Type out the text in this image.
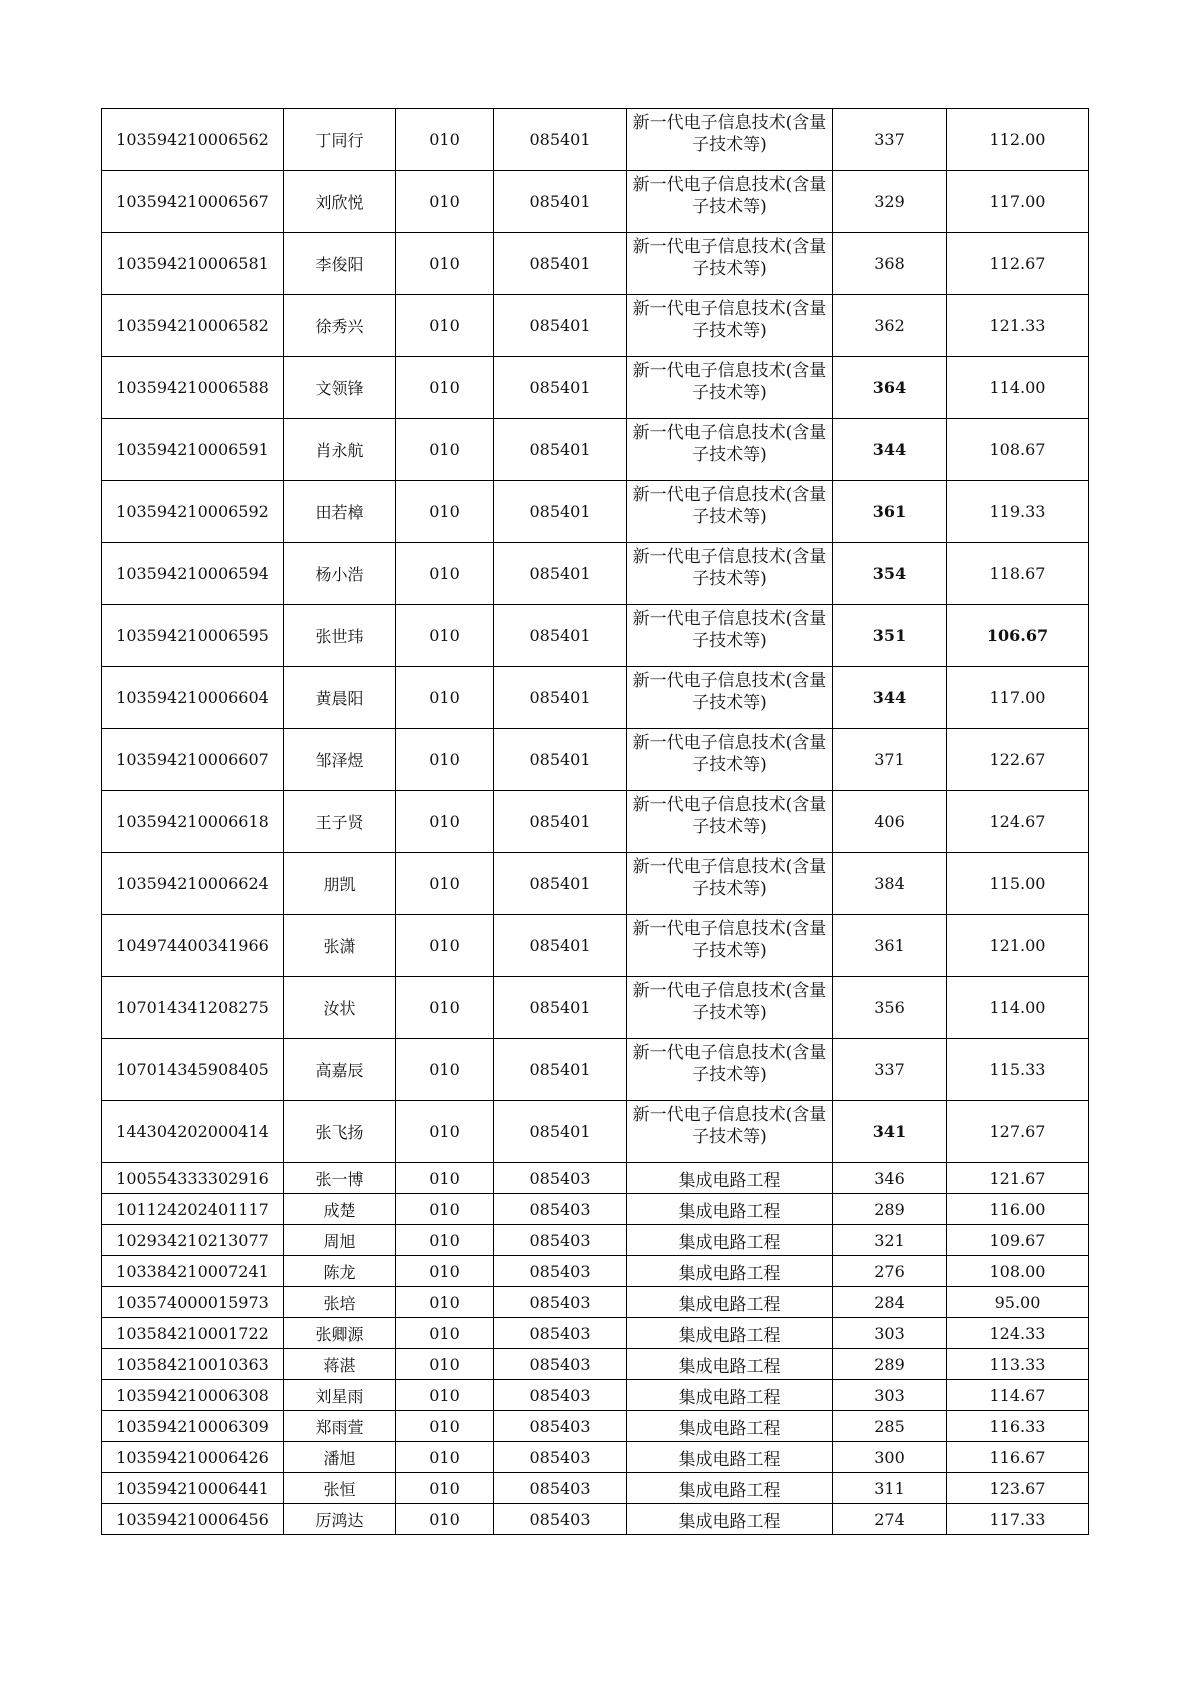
103594210006562	丁同行	010	085401	新一代电子信息技术(含量子技术等)	337	112.00
103594210006567	刘欣悦	010	085401	新一代电子信息技术(含量子技术等)	329	117.00
103594210006581	李俊阳	010	085401	新一代电子信息技术(含量子技术等)	368	112.67
103594210006582	徐秀兴	010	085401	新一代电子信息技术(含量子技术等)	362	121.33
103594210006588	文领锋	010	085401	新一代电子信息技术(含量子技术等)	364	114.00
103594210006591	肖永航	010	085401	新一代电子信息技术(含量子技术等)	344	108.67
103594210006592	田若樟	010	085401	新一代电子信息技术(含量子技术等)	361	119.33
103594210006594	杨小浩	010	085401	新一代电子信息技术(含量子技术等)	354	118.67
103594210006595	张世玮	010	085401	新一代电子信息技术(含量子技术等)	351	106.67
103594210006604	黄晨阳	010	085401	新一代电子信息技术(含量子技术等)	344	117.00
103594210006607	邹泽煜	010	085401	新一代电子信息技术(含量子技术等)	371	122.67
103594210006618	王子贤	010	085401	新一代电子信息技术(含量子技术等)	406	124.67
103594210006624	朋凯	010	085401	新一代电子信息技术(含量子技术等)	384	115.00
104974400341966	张潇	010	085401	新一代电子信息技术(含量子技术等)	361	121.00
107014341208275	汝状	010	085401	新一代电子信息技术(含量子技术等)	356	114.00
107014345908405	高嘉辰	010	085401	新一代电子信息技术(含量子技术等)	337	115.33
144304202000414	张飞扬	010	085401	新一代电子信息技术(含量子技术等)	341	127.67
100554333302916	张一博	010	085403	集成电路工程	346	121.67
101124202401117	成楚	010	085403	集成电路工程	289	116.00
102934210213077	周旭	010	085403	集成电路工程	321	109.67
103384210007241	陈龙	010	085403	集成电路工程	276	108.00
103574000015973	张培	010	085403	集成电路工程	284	95.00
103584210001722	张卿源	010	085403	集成电路工程	303	124.33
103584210010363	蒋湛	010	085403	集成电路工程	289	113.33
103594210006308	刘星雨	010	085403	集成电路工程	303	114.67
103594210006309	郑雨萱	010	085403	集成电路工程	285	116.33
103594210006426	潘旭	010	085403	集成电路工程	300	116.67
103594210006441	张恒	010	085403	集成电路工程	311	123.67
103594210006456	厉鸿达	010	085403	集成电路工程	274	117.33
